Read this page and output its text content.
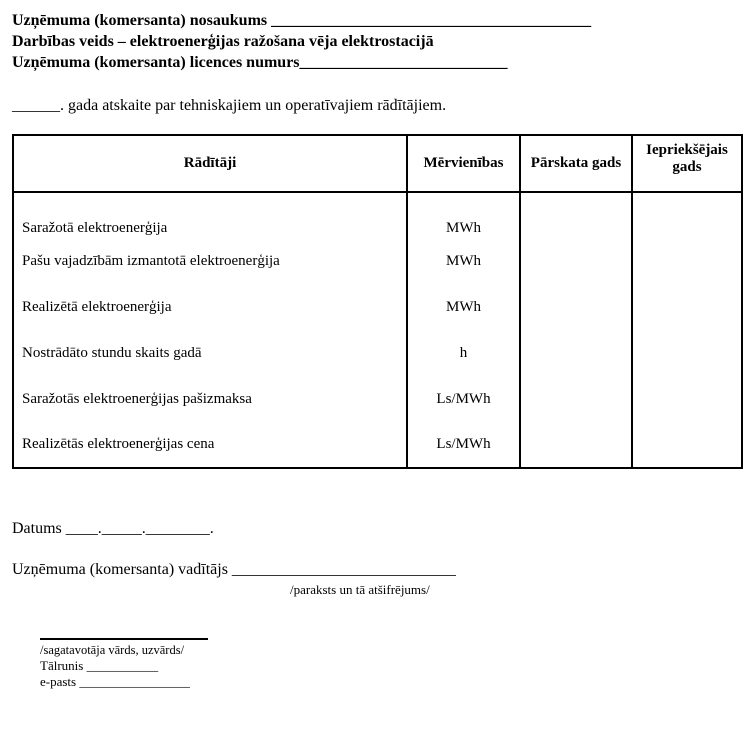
Uzņēmuma (komersanta) nosaukums ________________________________________
Darbības veids – elektroenerģijas ražošana vēja elektrostacijā
Uzņēmuma (komersanta) licences numurs__________________________
______. gada atskaite par tehniskajiem un operatīvajiem rādītājiem.
Rādītāji	Mērvienības	Pārskata gads	Iepriekšējais gads
Saražotā elektroenerģija	MWh		
Pašu vajadzībām izmantotā elektroenerģija	MWh		
Realizētā elektroenerģija	MWh		
Nostrādāto stundu skaits gadā	h		
Saražotās elektroenerģijas pašizmaksa	Ls/MWh		
Realizētās elektroenerģijas cena	Ls/MWh		
Datums ____._____.________.
Uzņēmuma (komersanta) vadītājs ____________________________
/paraksts un tā atšifrējums/
/sagatavotāja vārds, uzvārds/
Tālrunis ___________
e-pasts _________________
